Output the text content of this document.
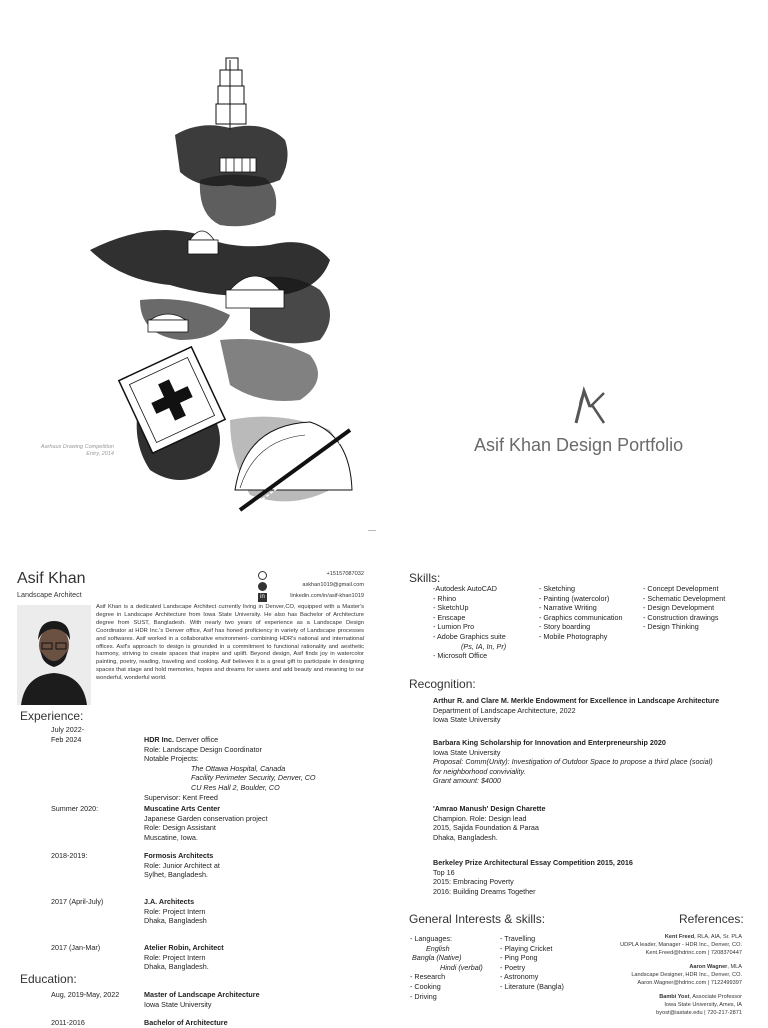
Aarhaus Drawing Competition
Entry, 2014	Asif Khan Design Portfolio
Asif Khan
Landscape Architect
+15157087032
askhan1019@gmail.com
in	linkedin.com/in/asif-khan1019
Asif Khan is a dedicated Landscape Architect currently living in Denver,CO, equipped with a Master's degree in Landscape Architecture from Iowa State University. He also has Bachelor of Architecture degree from SUST, Bangladesh. With nearly two years of experience as a Landscape Design Coordinator at HDR Inc.'s Denver office, Asif has honed proficiency in variety of Landscape processes and softwares. Asif worked in a collaborative environment- combining HDR's national and international offices. Asif's approach to design is grounded in a commitment to functional rationality and aesthetic harmony, striving to create spaces that inspire and uplift. Beyond design, Asif finds joy in watercolor painting, poetry, reading, traveling and cooking. Asif believes it is a great gift to participate in designing spaces that stage and hold memories, hopes and dreams for users and add beauty and meaning to our wonderful, wonderful world.
Experience:
July 2022-
Feb 2024	HDR Inc. Denver office
Role: Landscape Design Coordinator
Notable Projects:
The Ottawa Hospital, Canada
Facility Perimeter Security, Denver, CO
CU Res Hall 2, Boulder, CO
Supervisor: Kent Freed
Summer 2020:	Muscatine Arts Center
Japanese Garden conservation project
Role: Design Assistant
Muscatine, Iowa.
2018-2019:	Formosis Architects
Role: Junior Architect at
Sylhet, Bangladesh.
2017 (April-July)	J.A. Architects
Role: Project Intern
Dhaka, Bangladesh
2017 (Jan-Mar)	Atelier Robin, Architect
Role: Project Intern
Dhaka, Bangladesh.
Education:
Aug, 2019-May, 2022	Master of Landscape Architecture
Iowa State University
2011-2016	Bachelor of Architecture
Skills:
-Autodesk AutoCAD
- Rhino
- SketchUp
- Enscape
- Lumion Pro
- Adobe Graphics suite
(Ps, IA, In, Pr)
- Microsoft Office
- Sketching
- Painting (watercolor)
- Narrative Writing
- Graphics communication
- Story boarding
- Mobile Photography
- Concept Development
- Schematic Development
- Design Development
- Construction drawings
- Design Thinking
Recognition:
Arthur R. and Clare M. Merkle Endowment for Excellence in Landscape Architecture
Department of Landscape Architecture, 2022
Iowa State University
Barbara King Scholarship for Innovation and Enterpreneurship 2020
Iowa State University
Proposal: Comm(Unity): Investigation of Outdoor Space to propose a third place (social)
for neighborhood conviviality.
Grant amount: $4000
'Amrao Manush' Design Charette
Champion. Role: Design lead
2015, Sajida Foundation & Paraa
Dhaka, Bangladesh.
Berkeley Prize Architectural Essay Competition 2015, 2016
Top 16
2015: Embracing Poverty
2016: Building Dreams Together
General Interests & skills:
- Languages:
English
Bangla (Native)
Hindi (verbal)
- Research
- Cooking
- Driving
- Travelling
- Playing Cricket
- Ping Pong
- Poetry
- Astronomy
- Literature (Bangla)
References:
Kent Freed, RLA, AIA, Sr. PLA
UDPLA leader, Manager - HDR Inc., Denver, CO.
Kent.Freed@hdrinc.com | 7208370447
Aaron Wagner, MLA
Landscape Designer, HDR Inc., Denver, CO.
Aaron.Wagner@hdrinc.com | 7122499397
Bambi Yost, Associate Professor
Iowa State University, Ames, IA
byost@iastate.edu | 720-217-2871
